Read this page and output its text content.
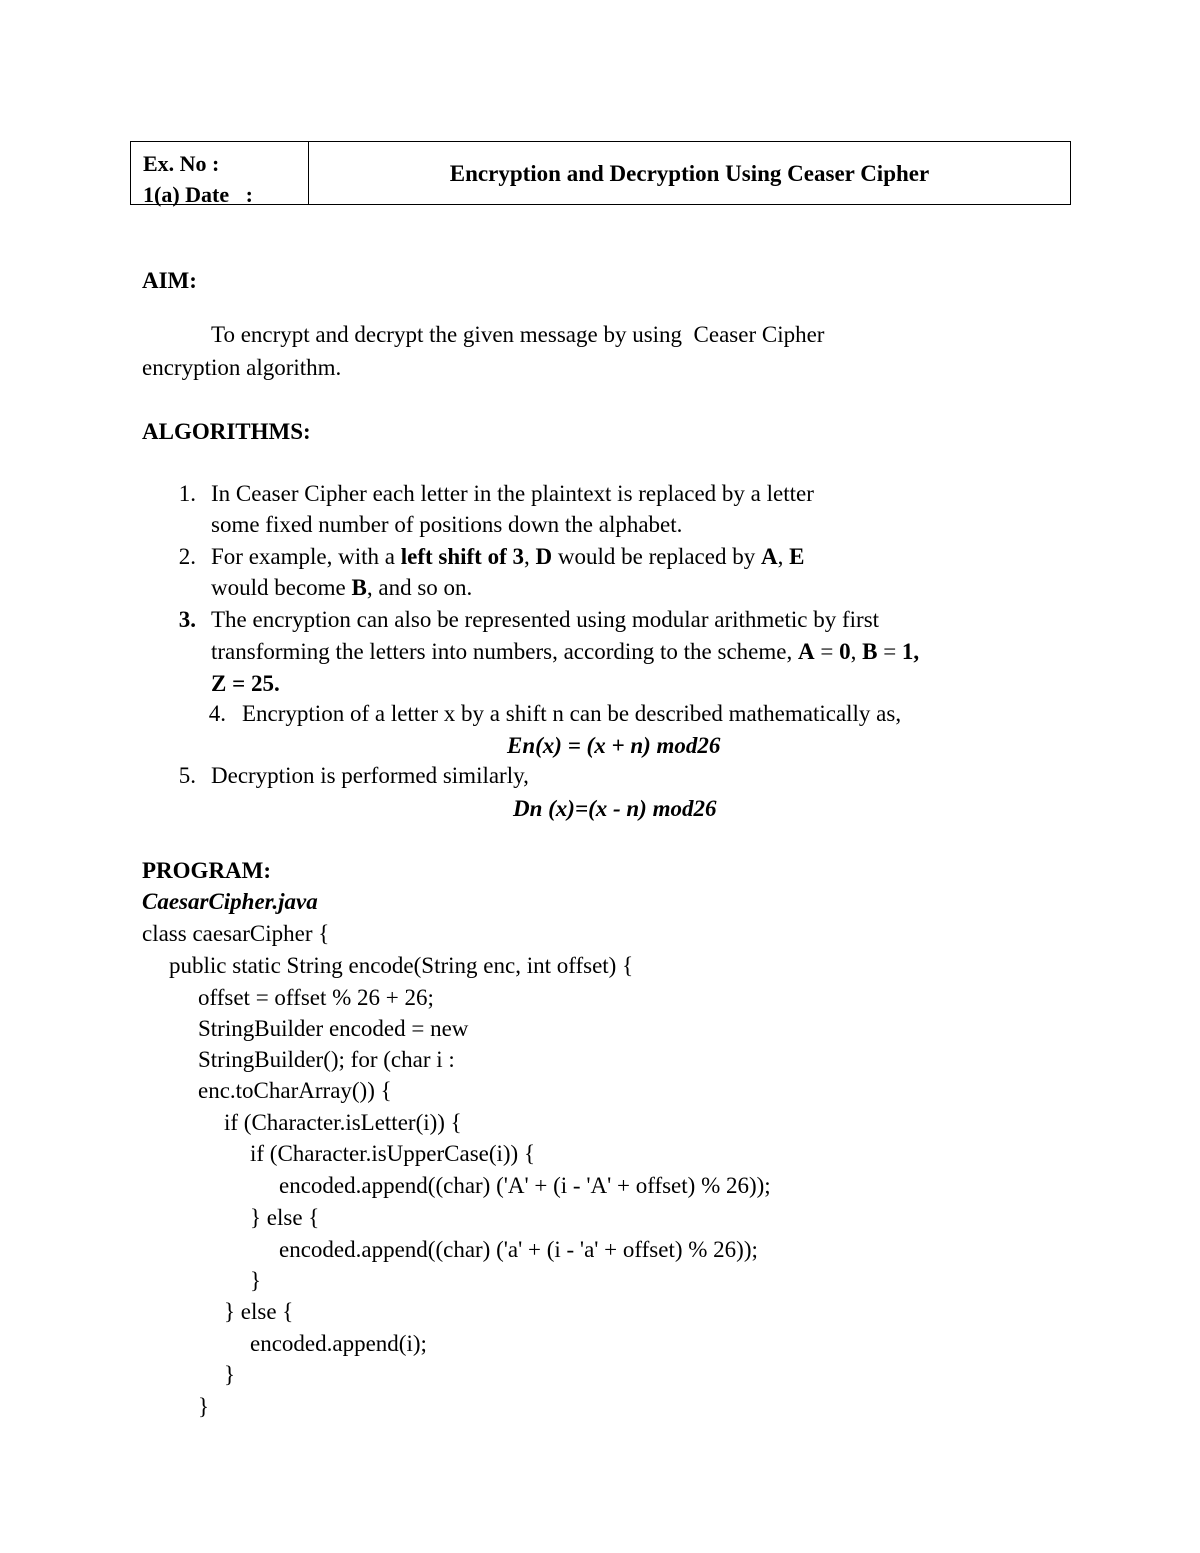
Ex. No :
1(a) Date   :
Encryption and Decryption Using Ceaser Cipher
AIM:
To encrypt and decrypt the given message by using  Ceaser Cipher
encryption algorithm.
ALGORITHMS:
1. In Ceaser Cipher each letter in the plaintext is replaced by a letter
some fixed number of positions down the alphabet.
2. For example, with a left shift of 3, D would be replaced by A, E
would become B, and so on.
3. The encryption can also be represented using modular arithmetic by first
transforming the letters into numbers, according to the scheme, A = 0, B = 1,
Z = 25.
4. Encryption of a letter x by a shift n can be described mathematically as,
En(x) = (x + n) mod26
5. Decryption is performed similarly,
Dn (x)=(x - n) mod26
PROGRAM:
CaesarCipher.java
class caesarCipher {
public static String encode(String enc, int offset) {
offset = offset % 26 + 26;
StringBuilder encoded = new
StringBuilder(); for (char i :
enc.toCharArray()) {
if (Character.isLetter(i)) {
if (Character.isUpperCase(i)) {
encoded.append((char) ('A' + (i - 'A' + offset) % 26));
} else {
encoded.append((char) ('a' + (i - 'a' + offset) % 26));
}
} else {
encoded.append(i);
}
}
